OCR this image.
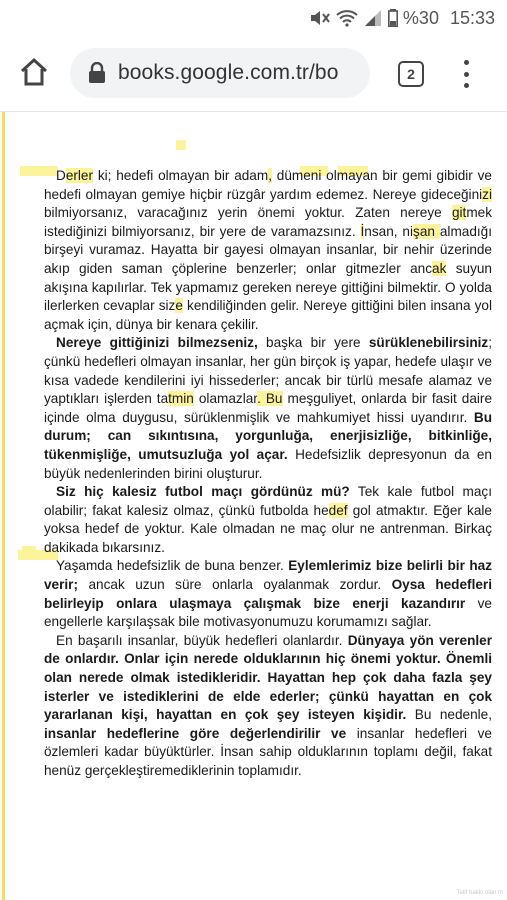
%30 15:33
books.google.com.tr/bo	2

Derler ki; hedefi olmayan bir adam, dümeni olmayan bir gemi gibidir ve hedefi olmayan gemiye hiçbir rüzgâr yardım edemez. Nereye gideceğinizi bilmiyorsanız, varacağınız yerin önemi yoktur. Zaten nereye gitmek istediğinizi bilmiyorsanız, bir yere de varamazsınız. İnsan, nişan almadığı birşeyi vuramaz. Hayatta bir gayesi olmayan insanlar, bir nehir üzerinde akıp giden saman çöplerine benzerler; onlar gitmezler ancak suyun akışına kapılırlar. Tek yapmamız gereken nereye gittiğini bilmektir. O yolda ilerlerken cevaplar size kendiliğinden gelir. Nereye gittiğini bilen insana yol açmak için, dünya bir kenara çekilir.

Nereye gittiğinizi bilmezseniz, başka bir yere sürüklenebilirsiniz; çünkü hedefleri olmayan insanlar, her gün birçok iş yapar, hedefe ulaşır ve kısa vadede kendilerini iyi hissederler; ancak bir türlü mesafe alamaz ve yaptıkları işlerden tatmin olamazlar. Bu meşguliyet, onlarda bir fasit daire içinde olma duygusu, sürüklenmişlik ve mahkumiyet hissi uyandırır. Bu durum; can sıkıntısına, yorgunluğa, enerjisizliğe, bitkinliğe, tükenmişliğe, umutsuzluğa yol açar. Hedefsizlik depresyonun da en büyük nedenlerinden birini oluşturur.

Siz hiç kalesiz futbol maçı gördünüz mü? Tek kale futbol maçı olabilir; fakat kalesiz olmaz, çünkü futbolda hedef gol atmaktır. Eğer kale yoksa hedef de yoktur. Kale olmadan ne maç olur ne antrenman. Birkaç dakikada bıkarsınız.

Yaşamda hedefsizlik de buna benzer. Eylemlerimiz bize belirli bir haz verir; ancak uzun süre onlarla oyalanmak zordur. Oysa hedefleri belirleyip onlara ulaşmaya çalışmak bize enerji kazandırır ve engellerle karşılaşsak bile motivasyonumuzu korumamızı sağlar.

En başarılı insanlar, büyük hedefleri olanlardır. Dünyaya yön verenler de onlardır. Onlar için nerede olduklarının hiç önemi yoktur. Önemli olan nerede olmak istedikleridir. Hayattan hep çok daha fazla şey isterler ve istediklerini de elde ederler; çünkü hayattan en çok yararlanan kişi, hayattan en çok şey isteyen kişidir. Bu nedenle, insanlar hedeflerine göre değerlendirilir ve insanlar hedefleri ve özlemleri kadar büyüktürler. İnsan sahip olduklarının toplamı değil, fakat henüz gerçekleştiremediklerinin toplamıdır.

Telif hakkı olan m
